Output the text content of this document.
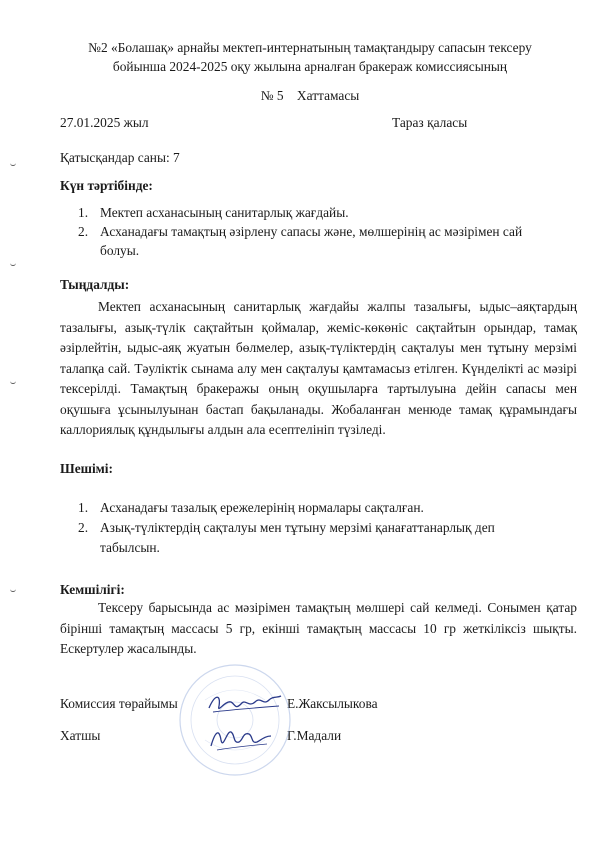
№2 «Болашақ» арнайы мектеп-интернатының тамақтандыру сапасын тексеру
бойынша 2024-2025 оқу жылына арналған бракераж комиссиясының
№ 5    Хаттамасы
27.01.2025 жыл	Тараз қаласы
Қатысқандар саны: 7
Күн тәртібінде:
1. Мектеп асханасының санитарлық жағдайы.
2. Асханадағы тамақтың әзірлену сапасы және, мөлшерінің ас мәзірімен сай
болуы.
Тыңдалды:
Мектеп асханасының санитарлық жағдайы жалпы тазалығы, ыдыс–аяқтардың тазалығы, азық-түлік сақтайтын қоймалар, жеміс-көкөніс сақтайтын орындар, тамақ әзірлейтін, ыдыс-аяқ жуатын бөлмелер, азық-түліктердің сақталуы мен тұтыну мерзімі талапқа сай. Тәуліктік сынама алу мен сақталуы қамтамасыз етілген. Күнделікті ас мәзірі тексерілді. Тамақтың бракеражы оның оқушыларға тартылуына дейін сапасы мен оқушыға ұсынылуынан бастап бақыланады. Жобаланған менюде тамақ құрамындағы каллориялық құндылығы алдын ала есептелініп түзіледі.
Шешімі:
1. Асханадағы тазалық ережелерінің нормалары сақталған.
2. Азық-түліктердің сақталуы мен тұтыну мерзімі қанағаттанарлық деп
табылсын.
Кемшілігі:
Тексеру барысында ас мәзірімен тамақтың мөлшері сай келмеді. Сонымен қатар бірінші тамақтың массасы 5 гр, екінші тамақтың массасы 10 гр жеткіліксіз шықты. Ескертулер жасалынды.
Комиссия төрайымы	Е.Жаксылыкова
Хатшы	Г.Мадали
